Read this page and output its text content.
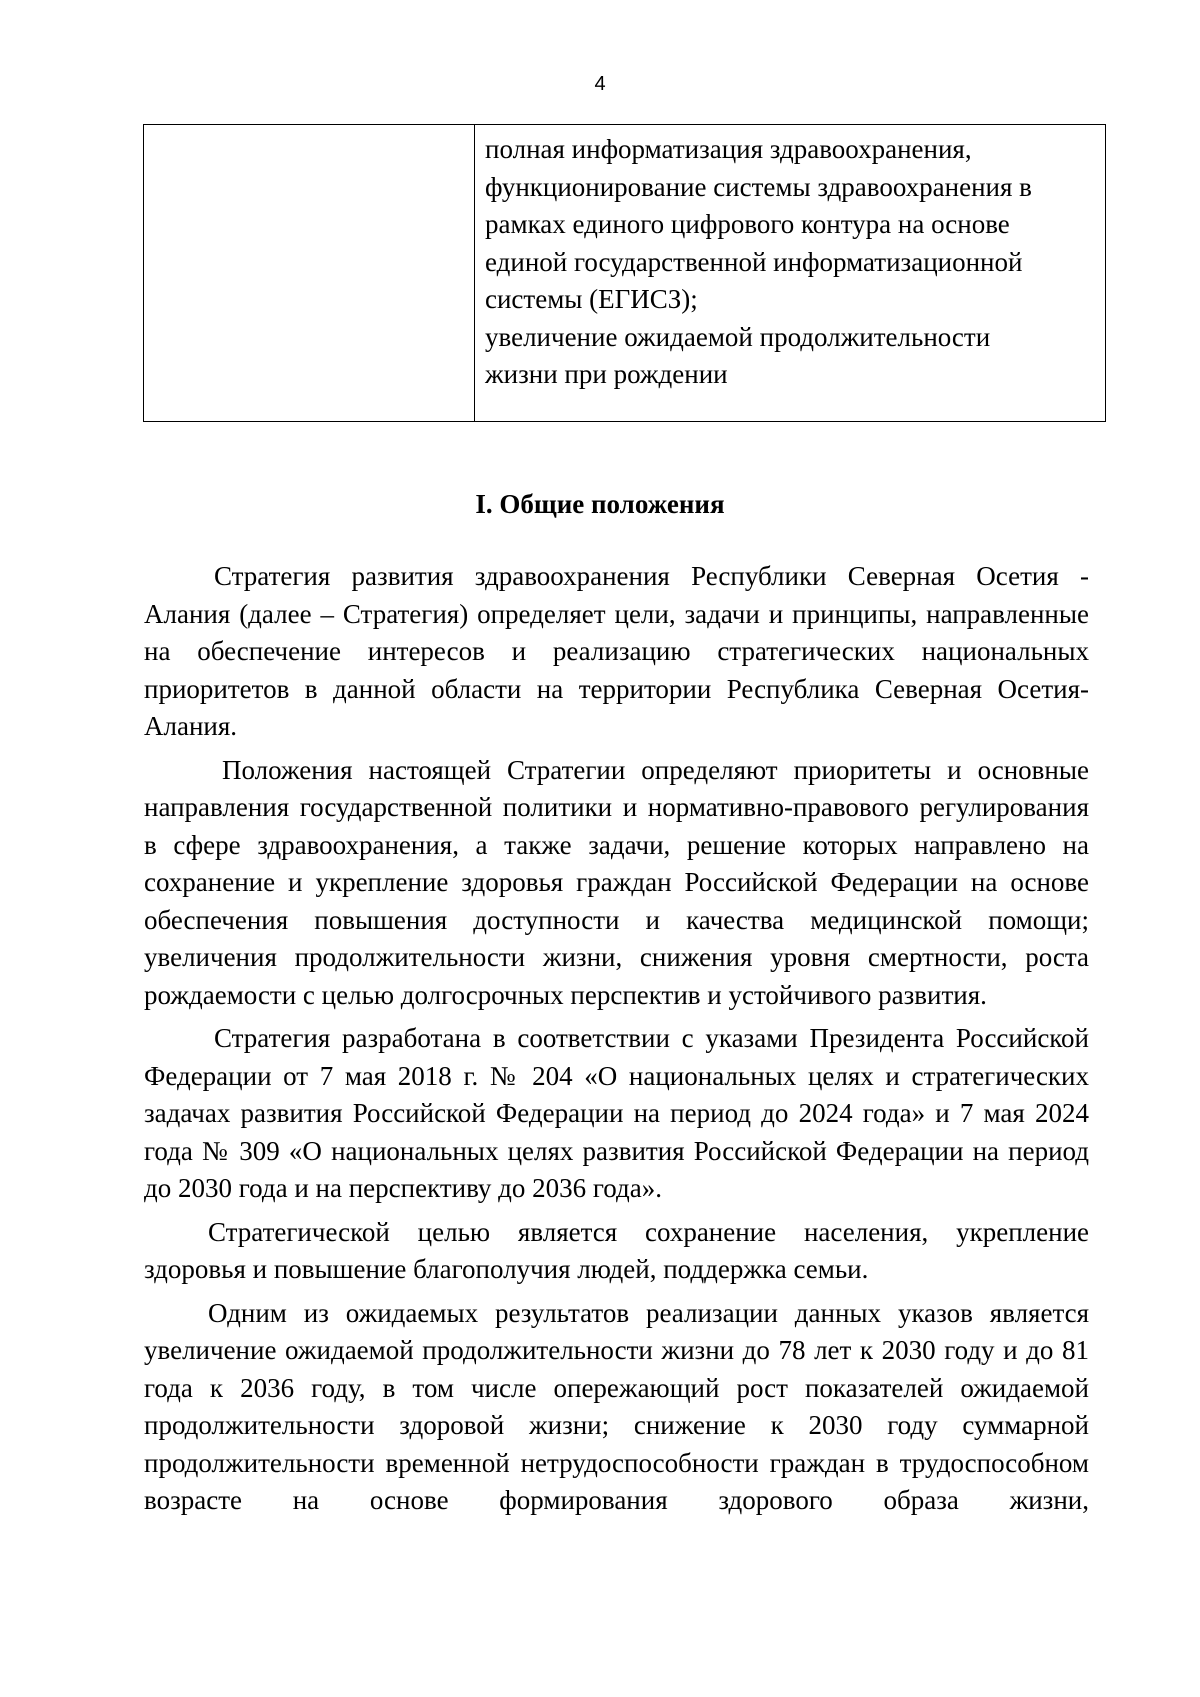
4

полная информатизация здравоохранения,

функционирование системы здравоохранения в

рамках единого цифрового контура на основе

единой государственной информатизационной

системы (ЕГИСЗ);

увеличение ожидаемой продолжительности

жизни при рождении

I. Общие положения

Стратегия развития здравоохранения Республики Северная Осетия - Алания (далее – Стратегия) определяет цели, задачи и принципы, направленные на обеспечение интересов и реализацию стратегических национальных приоритетов в данной области на территории Республика Северная Осетия-Алания.

Положения настоящей Стратегии определяют приоритеты и основные направления государственной политики и нормативно-правового регулирования в сфере здравоохранения, а также задачи, решение которых направлено на сохранение и укрепление здоровья граждан Российской Федерации на основе обеспечения повышения доступности и качества медицинской помощи; увеличения продолжительности жизни, снижения уровня смертности, роста рождаемости с целью долгосрочных перспектив и устойчивого развития.

Стратегия разработана в соответствии с указами Президента Российской Федерации от 7 мая 2018 г. № 204 «О национальных целях и стратегических задачах развития Российской Федерации на период до 2024 года» и 7 мая 2024 года № 309 «О национальных целях развития Российской Федерации на период до 2030 года и на перспективу до 2036 года».

Стратегической целью является сохранение населения, укрепление здоровья и повышение благополучия людей, поддержка семьи.

Одним из ожидаемых результатов реализации данных указов является увеличение ожидаемой продолжительности жизни до 78 лет к 2030 году и до 81 года к 2036 году, в том числе опережающий рост показателей ожидаемой продолжительности здоровой жизни; снижение к 2030 году суммарной продолжительности временной нетрудоспособности граждан в трудоспособном возрасте на основе формирования здорового образа жизни,
